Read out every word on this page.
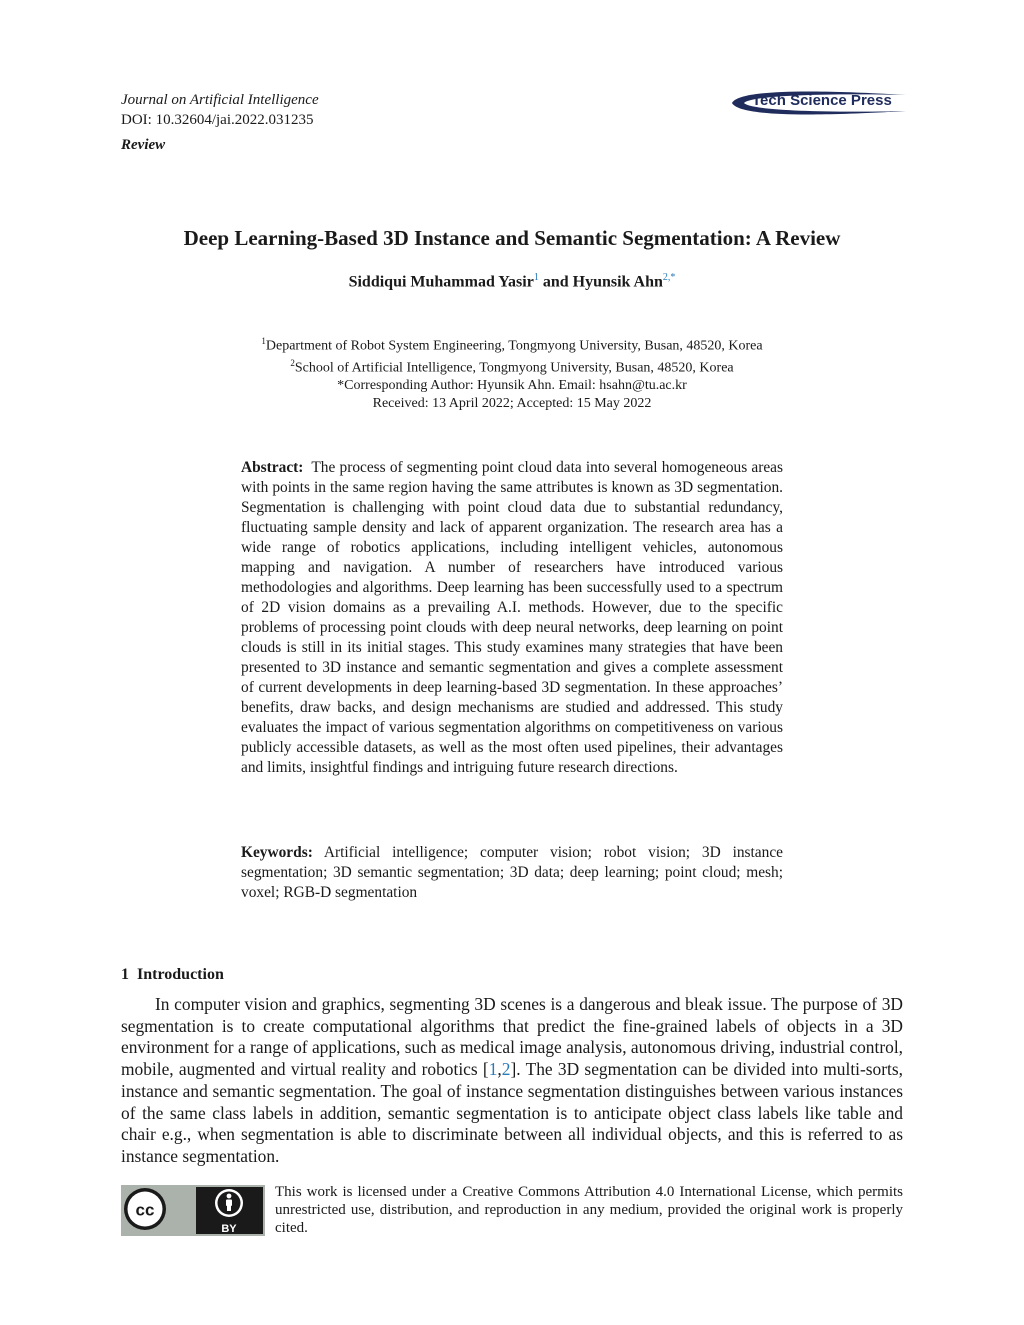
Journal on Artificial Intelligence
DOI: 10.32604/jai.2022.031235
Review
Tech Science Press
Deep Learning-Based 3D Instance and Semantic Segmentation: A Review
Siddiqui Muhammad Yasir$^1$ and Hyunsik Ahn$^{2,*}$
$^1$Department of Robot System Engineering, Tongmyong University, Busan, 48520, Korea
$^2$School of Artificial Intelligence, Tongmyong University, Busan, 48520, Korea
*Corresponding Author: Hyunsik Ahn. Email: hsahn@tu.ac.kr
Received: 13 April 2022; Accepted: 15 May 2022
Abstract: The process of segmenting point cloud data into several homogeneous areas with points in the same region having the same attributes is known as 3D segmentation. Segmentation is challenging with point cloud data due to substantial redundancy, fluctuating sample density and lack of apparent organization. The research area has a wide range of robotics applications, including intelligent vehicles, autonomous mapping and navigation. A number of researchers have introduced various methodologies and algorithms. Deep learning has been successfully used to a spectrum of 2D vision domains as a prevailing A.I. methods. However, due to the specific problems of processing point clouds with deep neural networks, deep learning on point clouds is still in its initial stages. This study examines many strategies that have been presented to 3D instance and semantic segmentation and gives a complete assessment of current developments in deep learning-based 3D segmentation. In these approaches’ benefits, draw backs, and design mechanisms are studied and addressed. This study evaluates the impact of various segmentation algorithms on competitiveness on various publicly accessible datasets, as well as the most often used pipelines, their advantages and limits, insightful findings and intriguing future research directions.
Keywords: Artificial intelligence; computer vision; robot vision; 3D instance segmentation; 3D semantic segmentation; 3D data; deep learning; point cloud; mesh; voxel; RGB-D segmentation
1 Introduction
In computer vision and graphics, segmenting 3D scenes is a dangerous and bleak issue. The purpose of 3D segmentation is to create computational algorithms that predict the fine-grained labels of objects in a 3D environment for a range of applications, such as medical image analysis, autonomous driving, industrial control, mobile, augmented and virtual reality and robotics [1,2]. The 3D segmentation can be divided into multi-sorts, instance and semantic segmentation. The goal of instance segmentation distinguishes between various instances of the same class labels in addition, semantic segmentation is to anticipate object class labels like table and chair e.g., when segmentation is able to discriminate between all individual objects, and this is referred to as instance segmentation.
cc
BY
This work is licensed under a Creative Commons Attribution 4.0 International License, which permits unrestricted use, distribution, and reproduction in any medium, provided the original work is properly cited.
